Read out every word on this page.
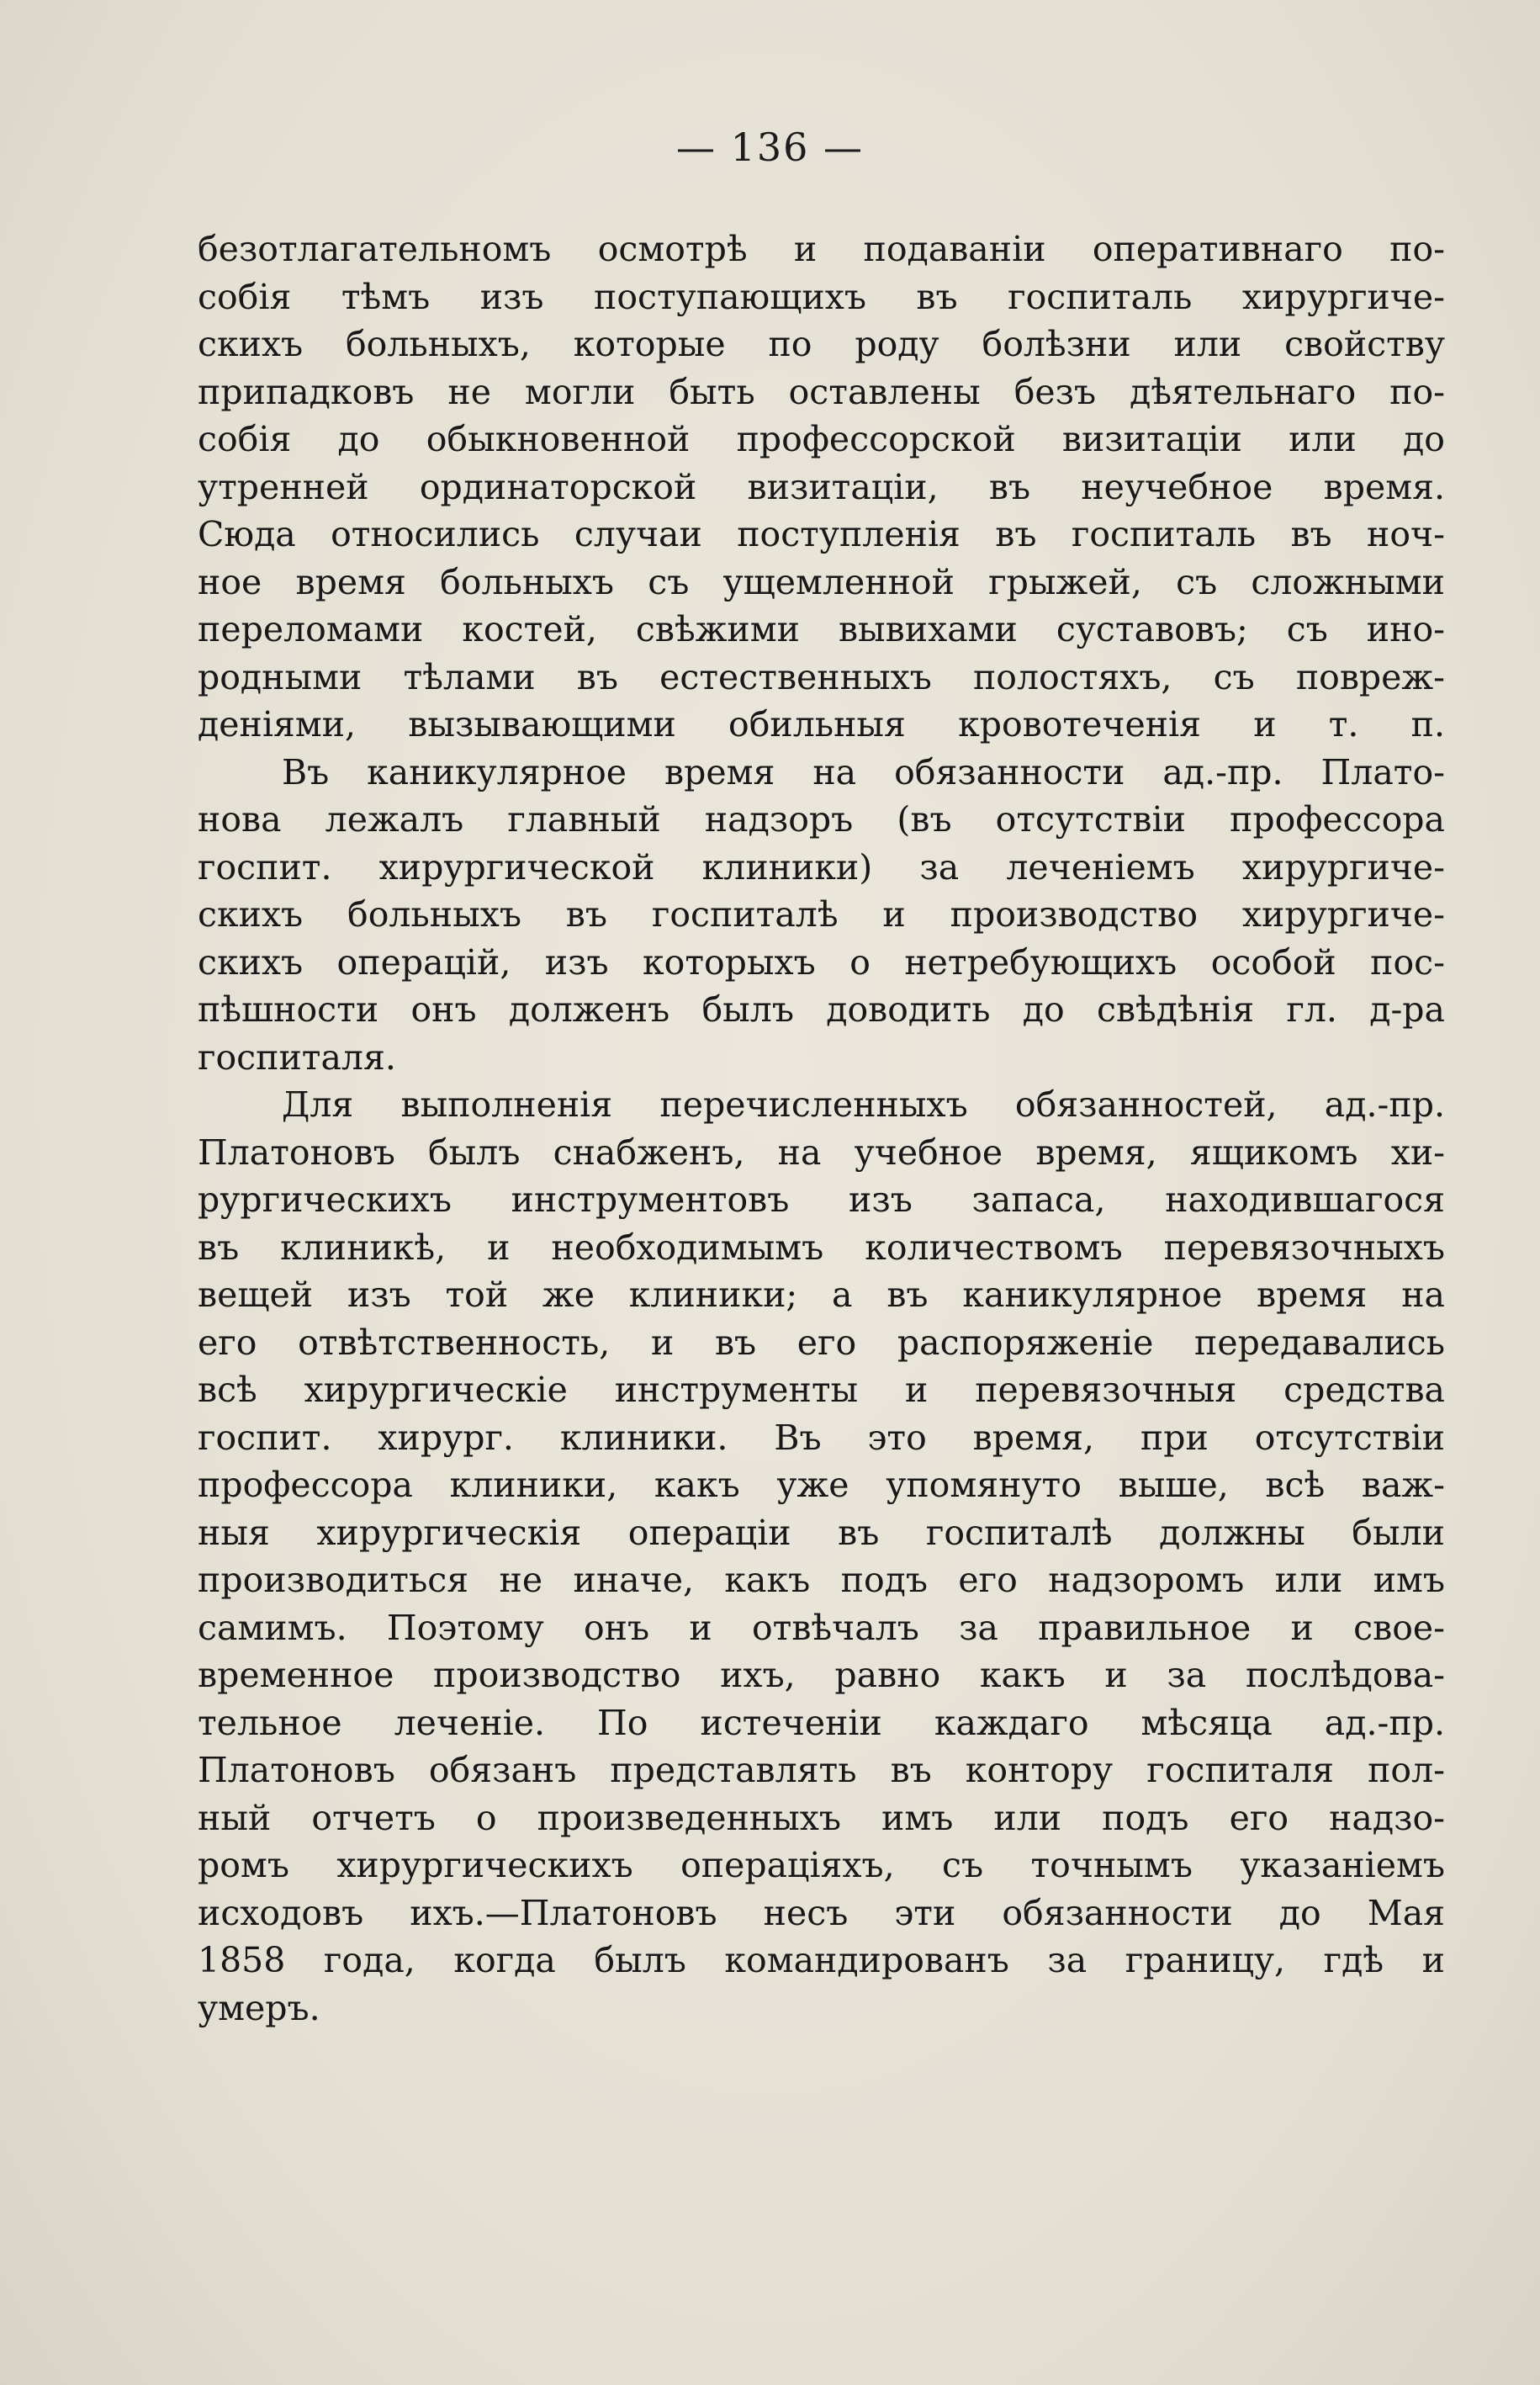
— 136 —
безотлагательномъ осмотрѣ и подаванiи оперативнаго по-
собія тѣмъ изъ поступающихъ въ госпиталь хирургиче-
скихъ больныхъ, которые по роду болѣзни или свойству
припадковъ не могли быть оставлены безъ дѣятельнаго по-
собія до обыкновенной профессорской визитаціи или до
утренней ординаторской визитаціи, въ неучебное время.
Сюда относились случаи поступленія въ госпиталь въ ноч-
ное время больныхъ съ ущемленной грыжей, съ сложными
переломами костей, свѣжими вывихами суставовъ; съ ино-
родными тѣлами въ естественныхъ полостяхъ, съ повреж-
деніями, вызывающими обильныя кровотеченія и т. п.
Въ каникулярное время на обязанности ад.-пр. Плато-
нова лежалъ главный надзоръ (въ отсутствiи профессора
госпит. хирургической клиники) за леченіемъ хирургиче-
скихъ больныхъ въ госпиталѣ и производство хирургиче-
скихъ операцій, изъ которыхъ о нетребующихъ особой пос-
пѣшности онъ долженъ былъ доводить до свѣдѣнія гл. д-ра
госпиталя.
Для выполненія перечисленныхъ обязанностей, ад.-пр.
Платоновъ былъ снабженъ, на учебное время, ящикомъ хи-
рургическихъ инструментовъ изъ запаса, находившагося
въ клиникѣ, и необходимымъ количествомъ перевязочныхъ
вещей изъ той же клиники; а въ каникулярное время на
его отвѣтственность, и въ его распоряженіе передавались
всѣ хирургическіе инструменты и перевязочныя средства
госпит. хирург. клиники. Въ это время, при отсутствiи
профессора клиники, какъ уже упомянуто выше, всѣ важ-
ныя хирургическія операціи въ госпиталѣ должны были
производиться не иначе, какъ подъ его надзоромъ или имъ
самимъ. Поэтому онъ и отвѣчалъ за правильное и свое-
временное производство ихъ, равно какъ и за послѣдова-
тельное леченіе. По истеченiи каждаго мѣсяца ад.-пр.
Платоновъ обязанъ представлять въ контору госпиталя пол-
ный отчетъ о произведенныхъ имъ или подъ его надзо-
ромъ хирургическихъ операціяхъ, съ точнымъ указаніемъ
исходовъ ихъ.—Платоновъ несъ эти обязанности до Мая
1858 года, когда былъ командированъ за границу, гдѣ и
умеръ.
